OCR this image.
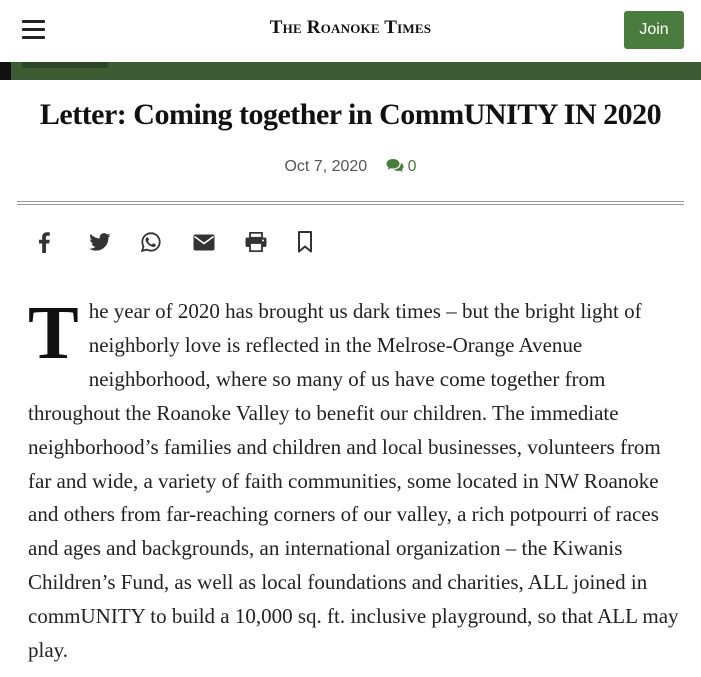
The Roanoke Times	Join
Letter: Coming together in CommUNITY IN 2020
Oct 7, 2020	0
The year of 2020 has brought us dark times – but the bright light of neighborly love is reflected in the Melrose-Orange Avenue neighborhood, where so many of us have come together from throughout the Roanoke Valley to benefit our children. The immediate neighborhood’s families and children and local businesses, volunteers from far and wide, a variety of faith communities, some located in NW Roanoke and others from far-reaching corners of our valley, a rich potpourri of races and ages and backgrounds, an international organization – the Kiwanis Children’s Fund, as well as local foundations and charities, ALL joined in commUNITY to build a 10,000 sq. ft. inclusive playground, so that ALL may play.
